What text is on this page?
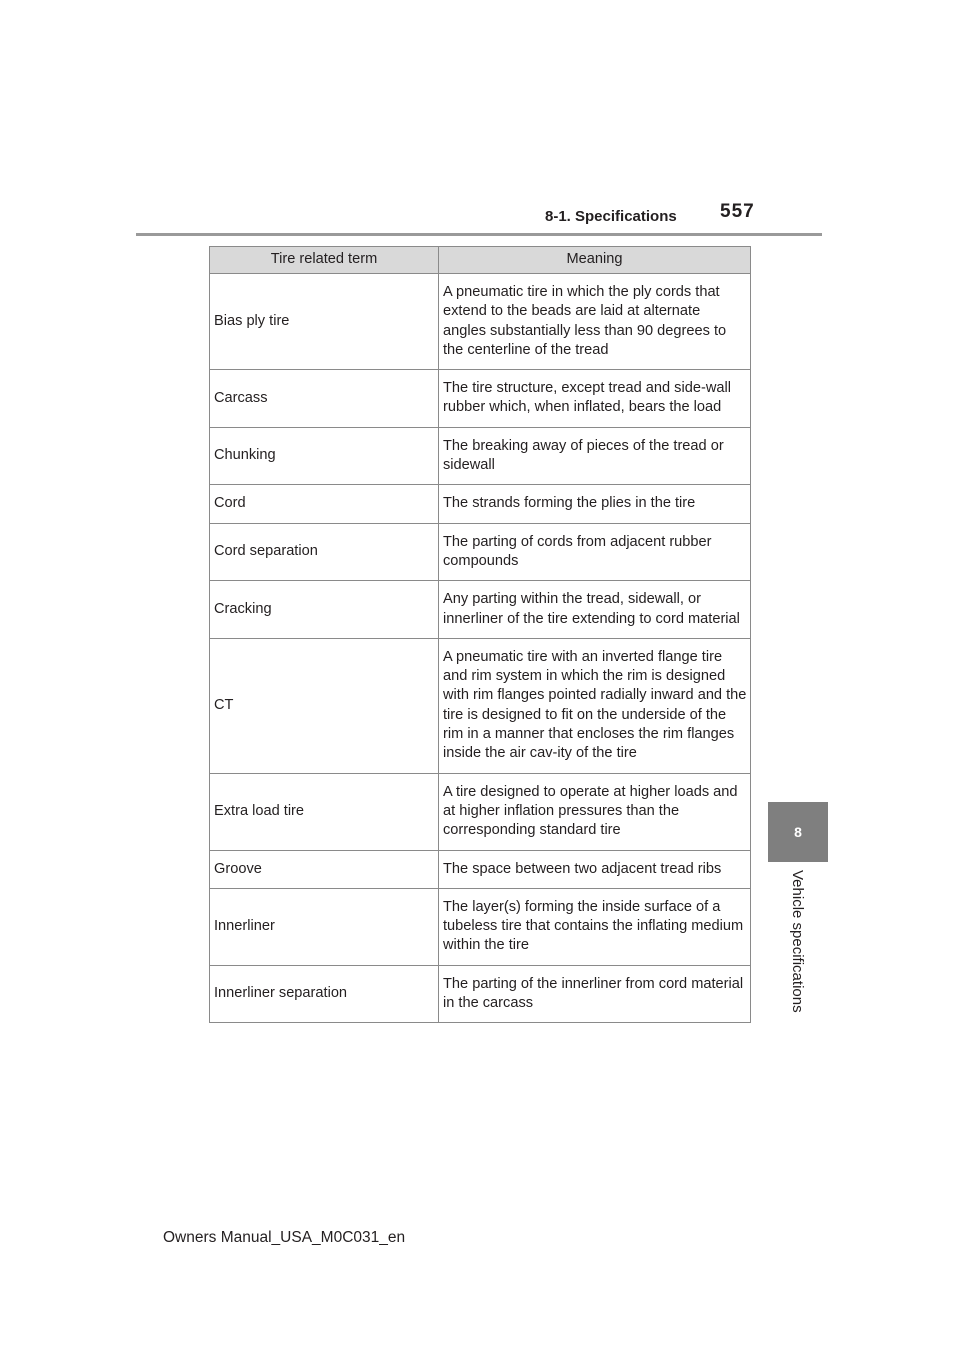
8-1. Specifications 557
8
Vehicle specifications
Tire related term	Meaning
Bias ply tire	A pneumatic tire in which the ply cords that extend to the beads are laid at alternate angles substantially less than 90 degrees to the centerline of the tread
Carcass	The tire structure, except tread and side-wall rubber which, when inflated, bears the load
Chunking	The breaking away of pieces of the tread or sidewall
Cord	The strands forming the plies in the tire
Cord separation	The parting of cords from adjacent rubber compounds
Cracking	Any parting within the tread, sidewall, or innerliner of the tire extending to cord material
CT	A pneumatic tire with an inverted flange tire and rim system in which the rim is designed with rim flanges pointed radially inward and the tire is designed to fit on the underside of the rim in a manner that encloses the rim flanges inside the air cav-ity of the tire
Extra load tire	A tire designed to operate at higher loads and at higher inflation pressures than the corresponding standard tire
Groove	The space between two adjacent tread ribs
Innerliner	The layer(s) forming the inside surface of a tubeless tire that contains the inflating medium within the tire
Innerliner separation	The parting of the innerliner from cord material in the carcass
Owners Manual_USA_M0C031_en
